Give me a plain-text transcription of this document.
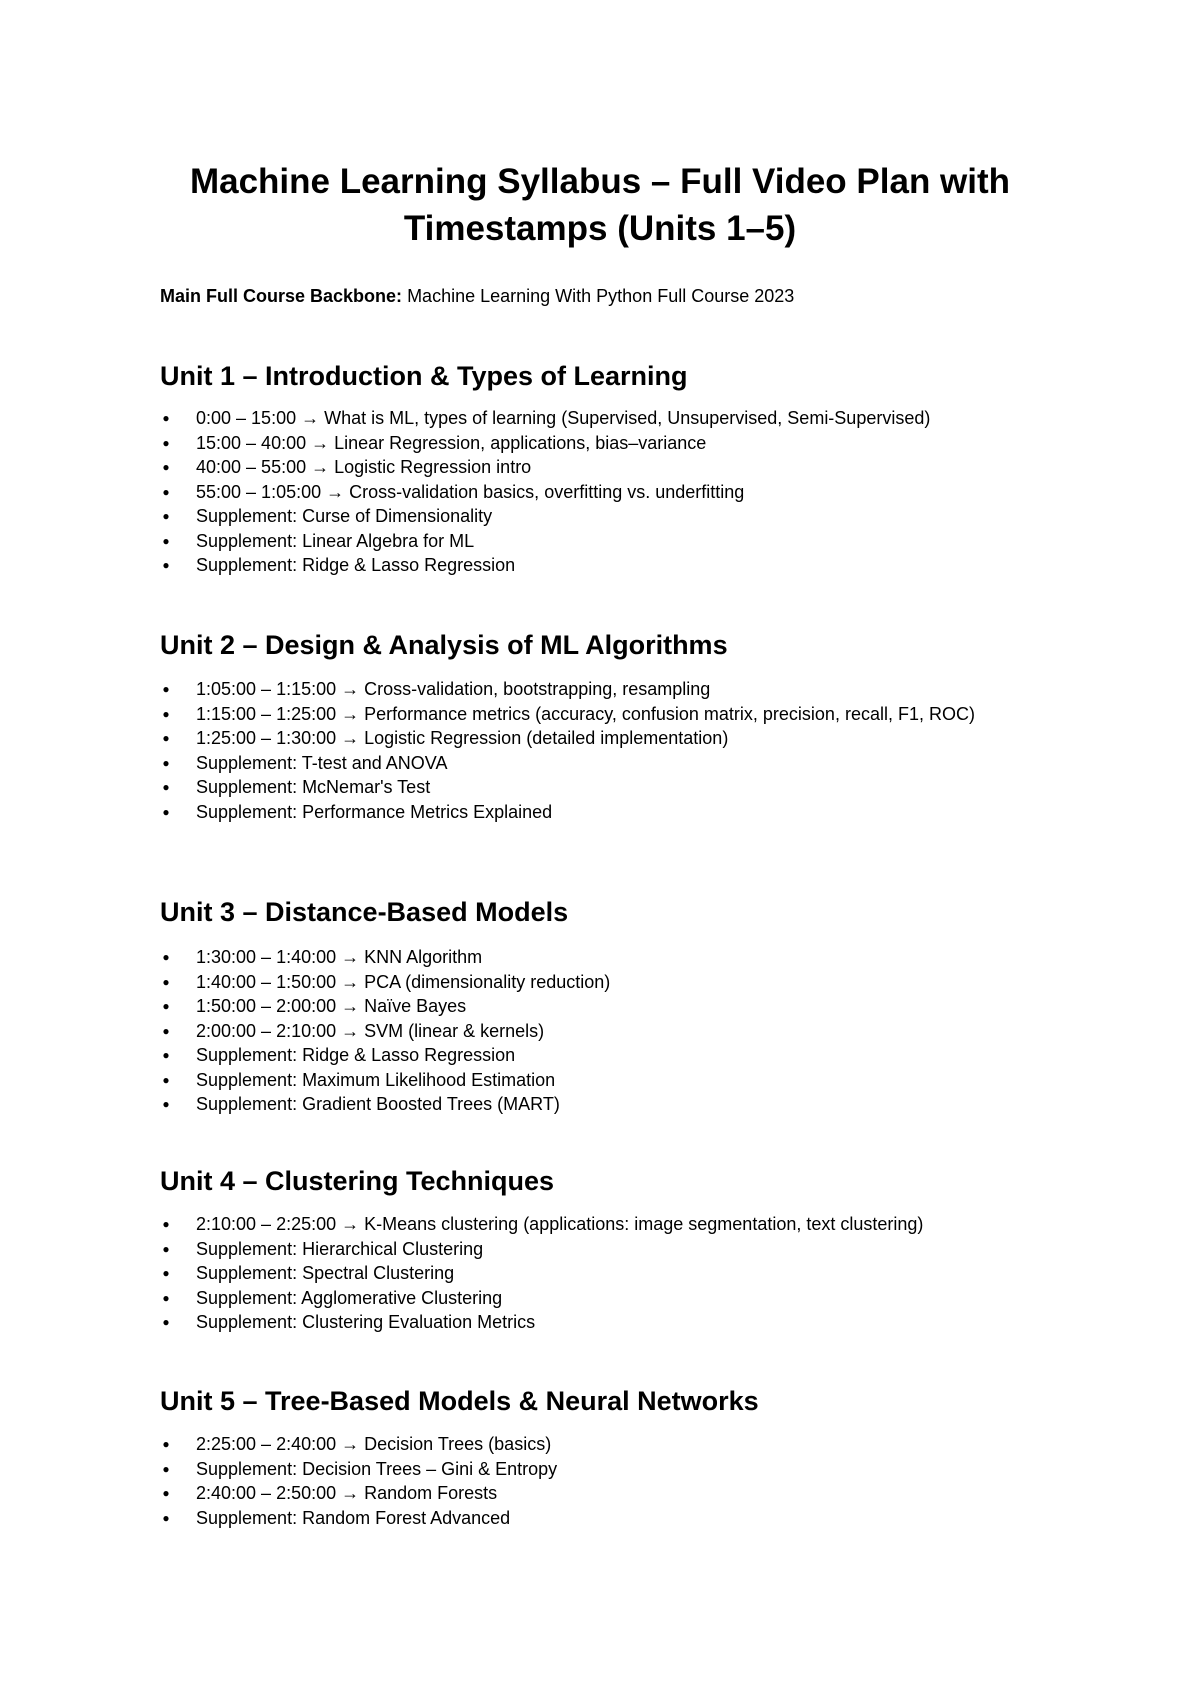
Machine Learning Syllabus – Full Video Plan with Timestamps (Units 1–5)

Main Full Course Backbone: Machine Learning With Python Full Course 2023

Unit 1 – Introduction & Types of Learning
● 0:00 – 15:00 → What is ML, types of learning (Supervised, Unsupervised, Semi-Supervised)
● 15:00 – 40:00 → Linear Regression, applications, bias–variance
● 40:00 – 55:00 → Logistic Regression intro
● 55:00 – 1:05:00 → Cross-validation basics, overfitting vs. underfitting
● Supplement: Curse of Dimensionality
● Supplement: Linear Algebra for ML
● Supplement: Ridge & Lasso Regression
Unit 2 – Design & Analysis of ML Algorithms
● 1:05:00 – 1:15:00 → Cross-validation, bootstrapping, resampling
● 1:15:00 – 1:25:00 → Performance metrics (accuracy, confusion matrix, precision, recall, F1, ROC)
● 1:25:00 – 1:30:00 → Logistic Regression (detailed implementation)
● Supplement: T-test and ANOVA
● Supplement: McNemar's Test
● Supplement: Performance Metrics Explained
Unit 3 – Distance-Based Models
● 1:30:00 – 1:40:00 → KNN Algorithm
● 1:40:00 – 1:50:00 → PCA (dimensionality reduction)
● 1:50:00 – 2:00:00 → Naïve Bayes
● 2:00:00 – 2:10:00 → SVM (linear & kernels)
● Supplement: Ridge & Lasso Regression
● Supplement: Maximum Likelihood Estimation
● Supplement: Gradient Boosted Trees (MART)
Unit 4 – Clustering Techniques
● 2:10:00 – 2:25:00 → K-Means clustering (applications: image segmentation, text clustering)
● Supplement: Hierarchical Clustering
● Supplement: Spectral Clustering
● Supplement: Agglomerative Clustering
● Supplement: Clustering Evaluation Metrics
Unit 5 – Tree-Based Models & Neural Networks
● 2:25:00 – 2:40:00 → Decision Trees (basics)
● Supplement: Decision Trees – Gini & Entropy
● 2:40:00 – 2:50:00 → Random Forests
● Supplement: Random Forest Advanced
